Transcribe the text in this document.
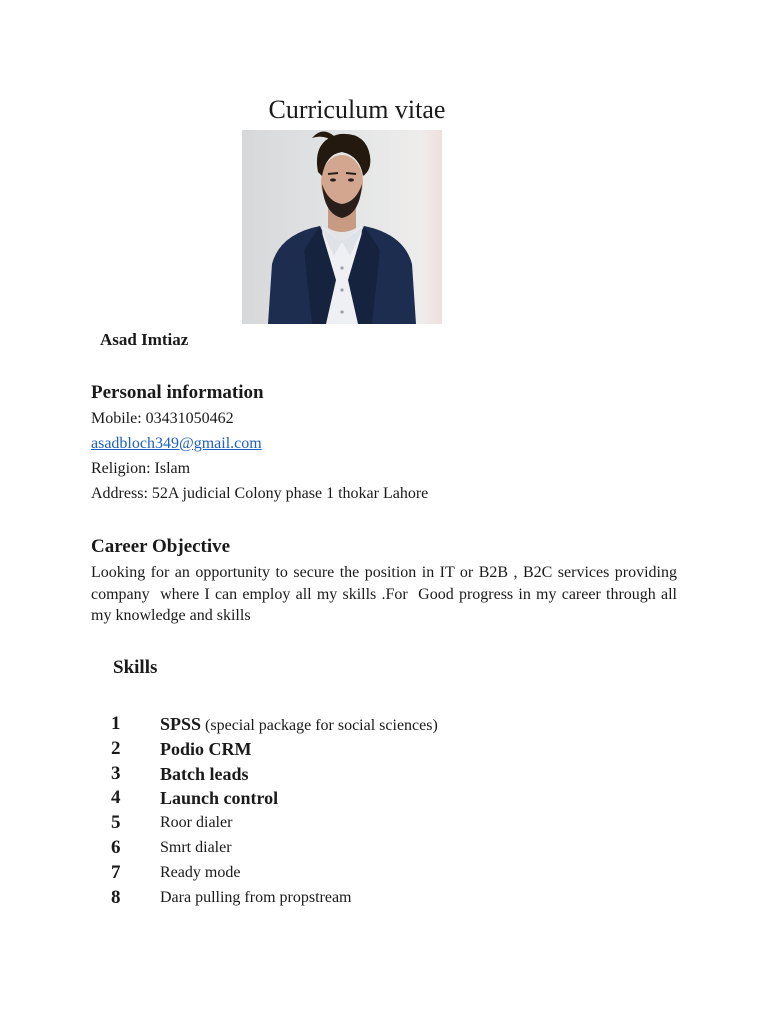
Curriculum vitae
Asad Imtiaz
Personal information
Mobile: 03431050462
asadbloch349@gmail.com
Religion: Islam
Address: 52A judicial Colony phase 1 thokar Lahore
Career Objective
Looking for an opportunity to secure the position in IT or B2B , B2C services providing company  where I can employ all my skills .For  Good progress in my career through all my knowledge and skills
Skills
1 SPSS (special package for social sciences)
2 Podio CRM
3 Batch leads
4 Launch control
5 Roor dialer
6 Smrt dialer
7 Ready mode
8 Dara pulling from propstream
